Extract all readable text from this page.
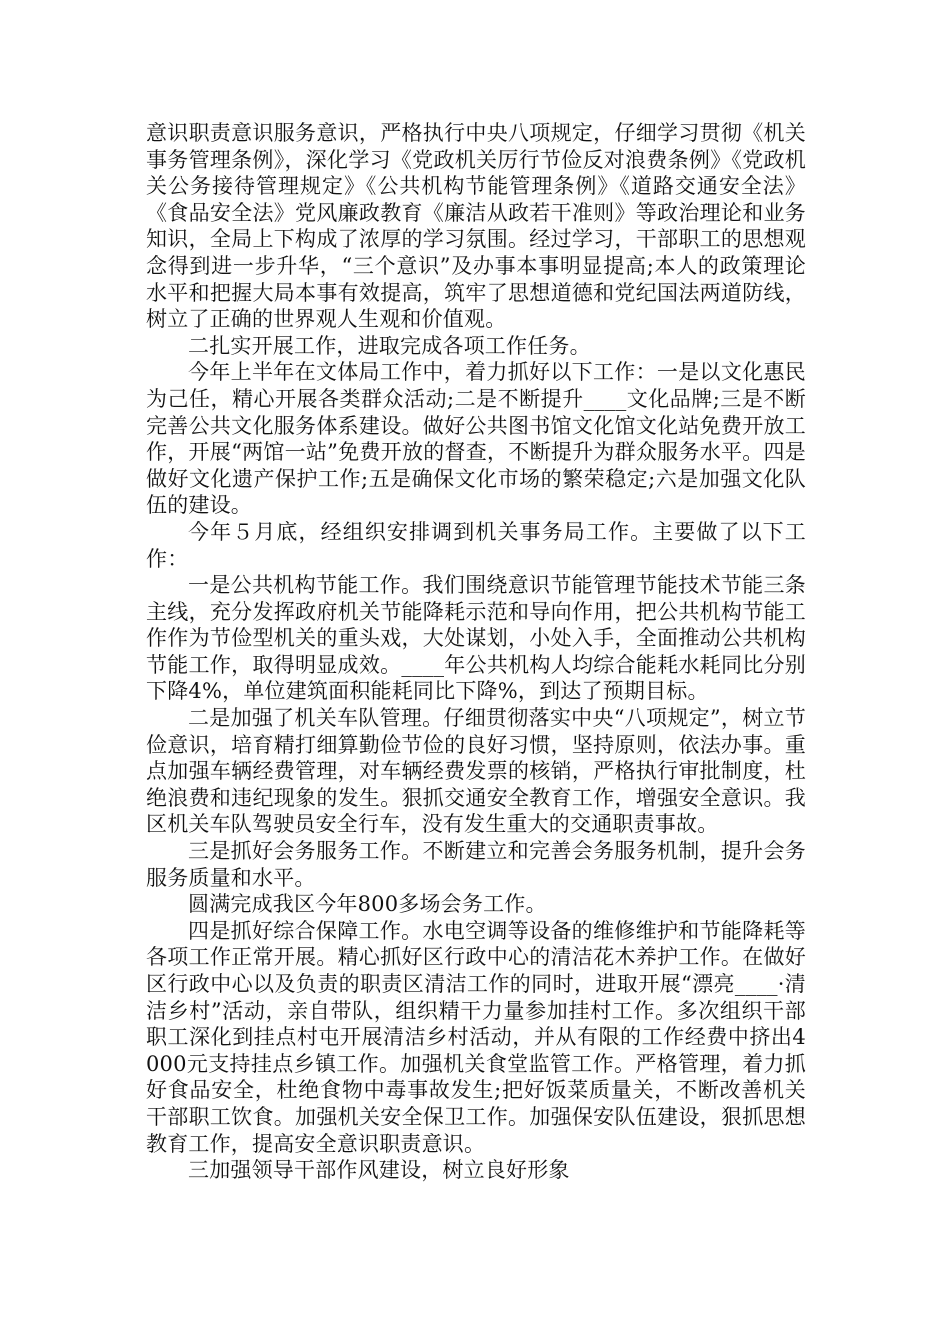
意识职责意识服务意识，严格执行中央八项规定，仔细学习贯彻《机关事务管理条例》，深化学习《党政机关厉行节俭反对浪费条例》《党政机关公务接待管理规定》《公共机构节能管理条例》《道路交通安全法》《食品安全法》党风廉政教育《廉洁从政若干准则》等政治理论和业务知识，全局上下构成了浓厚的学习氛围。经过学习，干部职工的思想观念得到进一步升华，“三个意识”及办事本事明显提高;本人的政策理论水平和把握大局本事有效提高，筑牢了思想道德和党纪国法两道防线，树立了正确的世界观人生观和价值观。

二扎实开展工作，进取完成各项工作任务。

今年上半年在文体局工作中，着力抓好以下工作：一是以文化惠民为己任，精心开展各类群众活动;二是不断提升____文化品牌;三是不断完善公共文化服务体系建设。做好公共图书馆文化馆文化站免费开放工作，开展“两馆一站”免费开放的督查，不断提升为群众服务水平。四是做好文化遗产保护工作;五是确保文化市场的繁荣稳定;六是加强文化队伍的建设。

今年５月底，经组织安排调到机关事务局工作。主要做了以下工作：

一是公共机构节能工作。我们围绕意识节能管理节能技术节能三条主线，充分发挥政府机关节能降耗示范和导向作用，把公共机构节能工作作为节俭型机关的重头戏，大处谋划，小处入手，全面推动公共机构节能工作，取得明显成效。____年公共机构人均综合能耗水耗同比分别下降4%，单位建筑面积能耗同比下降%，到达了预期目标。

二是加强了机关车队管理。仔细贯彻落实中央“八项规定”，树立节俭意识，培育精打细算勤俭节俭的良好习惯，坚持原则，依法办事。重点加强车辆经费管理，对车辆经费发票的核销，严格执行审批制度，杜绝浪费和违纪现象的发生。狠抓交通安全教育工作，增强安全意识。我区机关车队驾驶员安全行车，没有发生重大的交通职责事故。

三是抓好会务服务工作。不断建立和完善会务服务机制，提升会务服务质量和水平。

圆满完成我区今年800多场会务工作。

四是抓好综合保障工作。水电空调等设备的维修维护和节能降耗等各项工作正常开展。精心抓好区行政中心的清洁花木养护工作。在做好区行政中心以及负责的职责区清洁工作的同时，进取开展“漂亮____·清洁乡村”活动，亲自带队，组织精干力量参加挂村工作。多次组织干部职工深化到挂点村屯开展清洁乡村活动，并从有限的工作经费中挤出4000元支持挂点乡镇工作。加强机关食堂监管工作。严格管理，着力抓好食品安全，杜绝食物中毒事故发生;把好饭菜质量关，不断改善机关干部职工饮食。加强机关安全保卫工作。加强保安队伍建设，狠抓思想教育工作，提高安全意识职责意识。

三加强领导干部作风建设，树立良好形象
